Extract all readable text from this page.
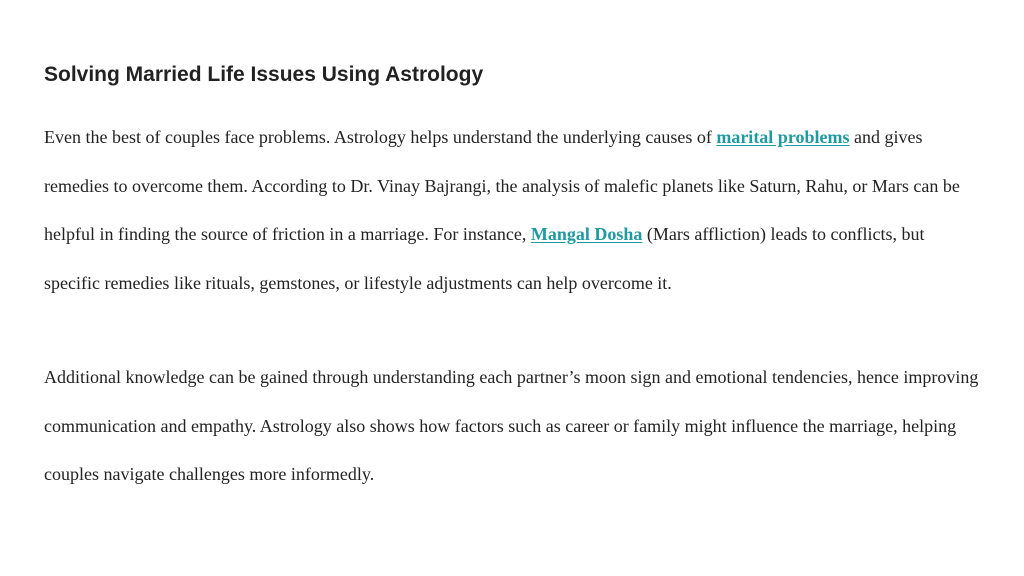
Solving Married Life Issues Using Astrology

Even the best of couples face problems. Astrology helps understand the underlying causes of marital problems and gives remedies to overcome them. According to Dr. Vinay Bajrangi, the analysis of malefic planets like Saturn, Rahu, or Mars can be helpful in finding the source of friction in a marriage. For instance, Mangal Dosha (Mars affliction) leads to conflicts, but specific remedies like rituals, gemstones, or lifestyle adjustments can help overcome it.

Additional knowledge can be gained through understanding each partner’s moon sign and emotional tendencies, hence improving communication and empathy. Astrology also shows how factors such as career or family might influence the marriage, helping couples navigate challenges more informedly.
